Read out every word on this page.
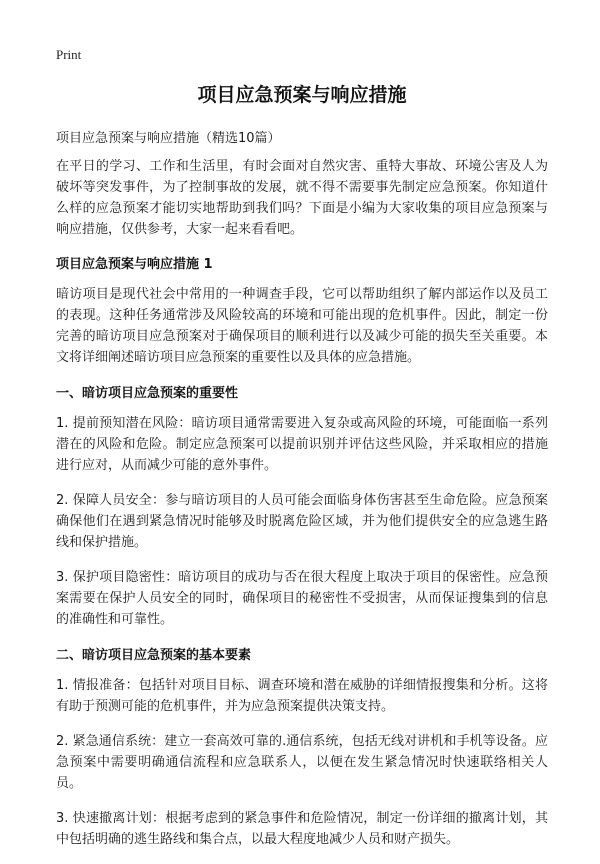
Print
项目应急预案与响应措施
项目应急预案与响应措施（精选10篇）

在平日的学习、工作和生活里，有时会面对自然灾害、重特大事故、环境公害及人为破坏等突发事件，为了控制事故的发展，就不得不需要事先制定应急预案。你知道什么样的应急预案才能切实地帮助到我们吗？下面是小编为大家收集的项目应急预案与响应措施，仅供参考，大家一起来看看吧。

项目应急预案与响应措施 1

暗访项目是现代社会中常用的一种调查手段，它可以帮助组织了解内部运作以及员工的表现。这种任务通常涉及风险较高的环境和可能出现的危机事件。因此，制定一份完善的暗访项目应急预案对于确保项目的顺利进行以及减少可能的损失至关重要。本文将详细阐述暗访项目应急预案的重要性以及具体的应急措施。

一、暗访项目应急预案的重要性

1. 提前预知潜在风险：暗访项目通常需要进入复杂或高风险的环境，可能面临一系列潜在的风险和危险。制定应急预案可以提前识别并评估这些风险，并采取相应的措施进行应对，从而减少可能的意外事件。

2. 保障人员安全：参与暗访项目的人员可能会面临身体伤害甚至生命危险。应急预案确保他们在遇到紧急情况时能够及时脱离危险区域，并为他们提供安全的应急逃生路线和保护措施。

3. 保护项目隐密性：暗访项目的成功与否在很大程度上取决于项目的保密性。应急预案需要在保护人员安全的同时，确保项目的秘密性不受损害，从而保证搜集到的信息的准确性和可靠性。

二、暗访项目应急预案的基本要素

1. 情报准备：包括针对项目目标、调查环境和潜在威胁的详细情报搜集和分析。这将有助于预测可能的危机事件，并为应急预案提供决策支持。

2. 紧急通信系统：建立一套高效可靠的.通信系统，包括无线对讲机和手机等设备。应急预案中需要明确通信流程和应急联系人，以便在发生紧急情况时快速联络相关人员。

3. 快速撤离计划：根据考虑到的紧急事件和危险情况，制定一份详细的撤离计划，其中包括明确的逃生路线和集合点，以最大程度地减少人员和财产损失。
